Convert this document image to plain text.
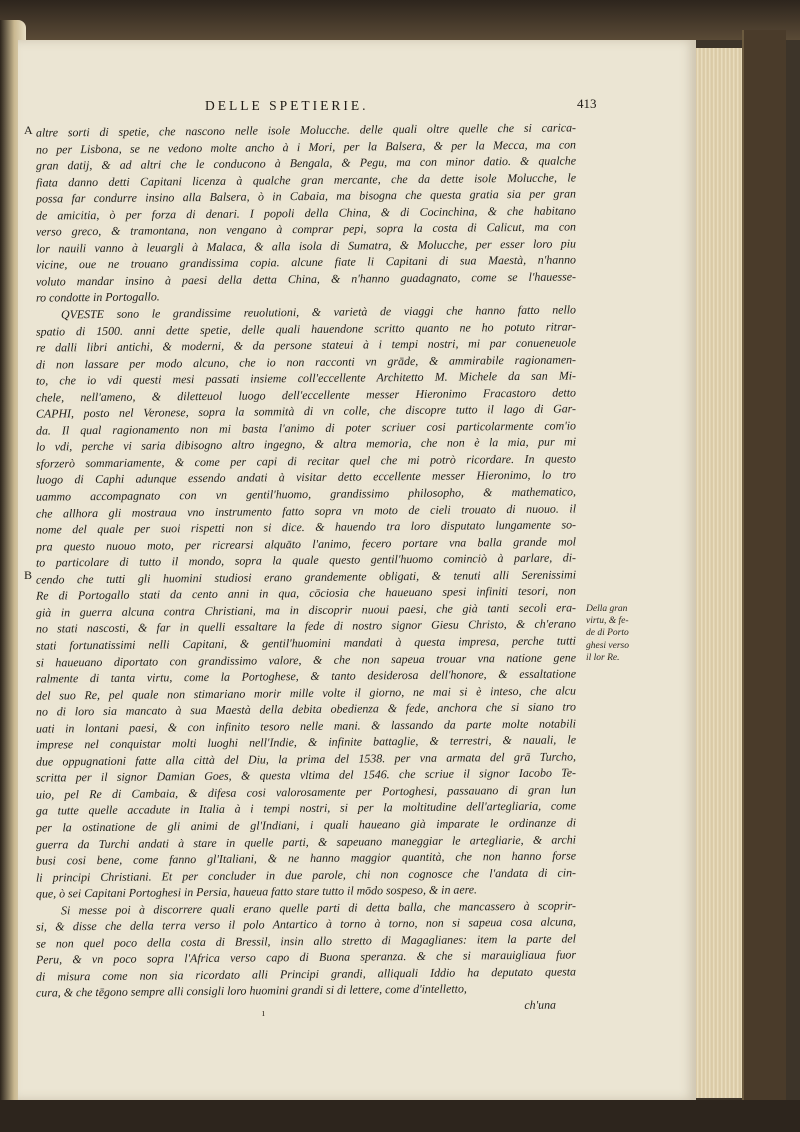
DELLE SPETIERIE.	413
A
B
altre sorti di spetie, che nascono nelle isole Molucche. delle quali oltre quelle che si carica-
no per Lisbona, se ne vedono molte ancho à i Mori, per la Balsera, & per la Mecca, ma con
gran datij, & ad altri che le conducono à Bengala, & Pegu, ma con minor datio. & qualche
fiata danno detti Capitani licenza à qualche gran mercante, che da dette isole Molucche, le
possa far condurre insino alla Balsera, ò in Cabaia, ma bisogna che questa gratia sia per gran
de amicitia, ò per forza di denari. I popoli della China, & di Cocinchina, & che habitano
verso greco, & tramontana, non vengano à comprar pepi, sopra la costa di Calicut, ma con
lor nauili vanno à leuargli à Malaca, & alla isola di Sumatra, & Molucche, per esser loro piu
vicine, oue ne trouano grandissima copia. alcune fiate li Capitani di sua Maestà, n'hanno
voluto mandar insino à paesi della detta China, & n'hanno guadagnato, come se l'hauesse-
ro condotte in Portogallo.
QVESTE sono le grandissime reuolutioni, & varietà de viaggi che hanno fatto nello
spatio di 1500. anni dette spetie, delle quali hauendone scritto quanto ne ho potuto ritrar-
re dalli libri antichi, & moderni, & da persone stateui à i tempi nostri, mi par conueneuole
di non lassare per modo alcuno, che io non racconti vn grāde, & ammirabile ragionamen-
to, che io vdi questi mesi passati insieme coll'eccellente Architetto M. Michele da san Mi-
chele, nell'ameno, & diletteuol luogo dell'eccellente messer Hieronimo Fracastoro detto
CAPHI, posto nel Veronese, sopra la sommità di vn colle, che discopre tutto il lago di Gar-
da. Il qual ragionamento non mi basta l'animo di poter scriuer cosi particolarmente com'io
lo vdi, perche vi saria dibisogno altro ingegno, & altra memoria, che non è la mia, pur mi
sforzerò sommariamente, & come per capi di recitar quel che mi potrò ricordare. In questo
luogo di Caphi adunque essendo andati à visitar detto eccellente messer Hieronimo, lo tro
uammo accompagnato con vn gentil'huomo, grandissimo philosopho, & mathematico,
che allhora gli mostraua vno instrumento fatto sopra vn moto de cieli trouato di nuouo. il
nome del quale per suoi rispetti non si dice. & hauendo tra loro disputato lungamente so-
pra questo nuouo moto, per ricrearsi alquāto l'animo, fecero portare vna balla grande mol
to particolare di tutto il mondo, sopra la quale questo gentil'huomo cominciò à parlare, di-
cendo che tutti gli huomini studiosi erano grandemente obligati, & tenuti alli Serenissimi
Re di Portogallo stati da cento anni in qua, cōciosia che haueuano spesi infiniti tesori, non
già in guerra alcuna contra Christiani, ma in discoprir nuoui paesi, che già tanti secoli era-
no stati nascosti, & far in quelli essaltare la fede di nostro signor Giesu Christo, & ch'erano
stati fortunatissimi nelli Capitani, & gentil'huomini mandati à questa impresa, perche tutti
si haueuano diportato con grandissimo valore, & che non sapeua trouar vna natione gene
ralmente di tanta virtu, come la Portoghese, & tanto desiderosa dell'honore, & essaltatione
del suo Re, pel quale non stimariano morir mille volte il giorno, ne mai si è inteso, che alcu
no di loro sia mancato à sua Maestà della debita obedienza & fede, anchora che si siano tro
uati in lontani paesi, & con infinito tesoro nelle mani. & lassando da parte molte notabili
imprese nel conquistar molti luoghi nell'Indie, & infinite battaglie, & terrestri, & nauali, le
due oppugnationi fatte alla città del Diu, la prima del 1538. per vna armata del grā Turcho,
scritta per il signor Damian Goes, & questa vltima del 1546. che scriue il signor Iacobo Te-
uio, pel Re di Cambaia, & difesa cosi valorosamente per Portoghesi, passauano di gran lun
ga tutte quelle accadute in Italia à i tempi nostri, si per la moltitudine dell'artegliaria, come
per la ostinatione de gli animi de gl'Indiani, i quali haueano già imparate le ordinanze di
guerra da Turchi andati à stare in quelle parti, & sapeuano maneggiar le artegliarie, & archi
busi cosi bene, come fanno gl'Italiani, & ne hanno maggior quantità, che non hanno forse
li principi Christiani. Et per concluder in due parole, chi non cognosce che l'andata di cin-
que, ò sei Capitani Portoghesi in Persia, haueua fatto stare tutto il mōdo sospeso, & in aere.
Si messe poi à discorrere quali erano quelle parti di detta balla, che mancassero à scoprir-
si, & disse che della terra verso il polo Antartico à torno à torno, non si sapeua cosa alcuna,
se non quel poco della costa di Bressil, insin allo stretto di Magaglianes: item la parte del
Peru, & vn poco sopra l'Africa verso capo di Buona speranza. & che si marauigliaua fuor
di misura come non sia ricordato alli Principi grandi, alliquali Iddio ha deputato questa
cura, & che tēgono sempre alli consigli loro huomini grandi si di lettere, come d'intelletto,
ch'una
Della gran
virtu, & fe-
de di Porto
ghesi verso
il lor Re.
ı
